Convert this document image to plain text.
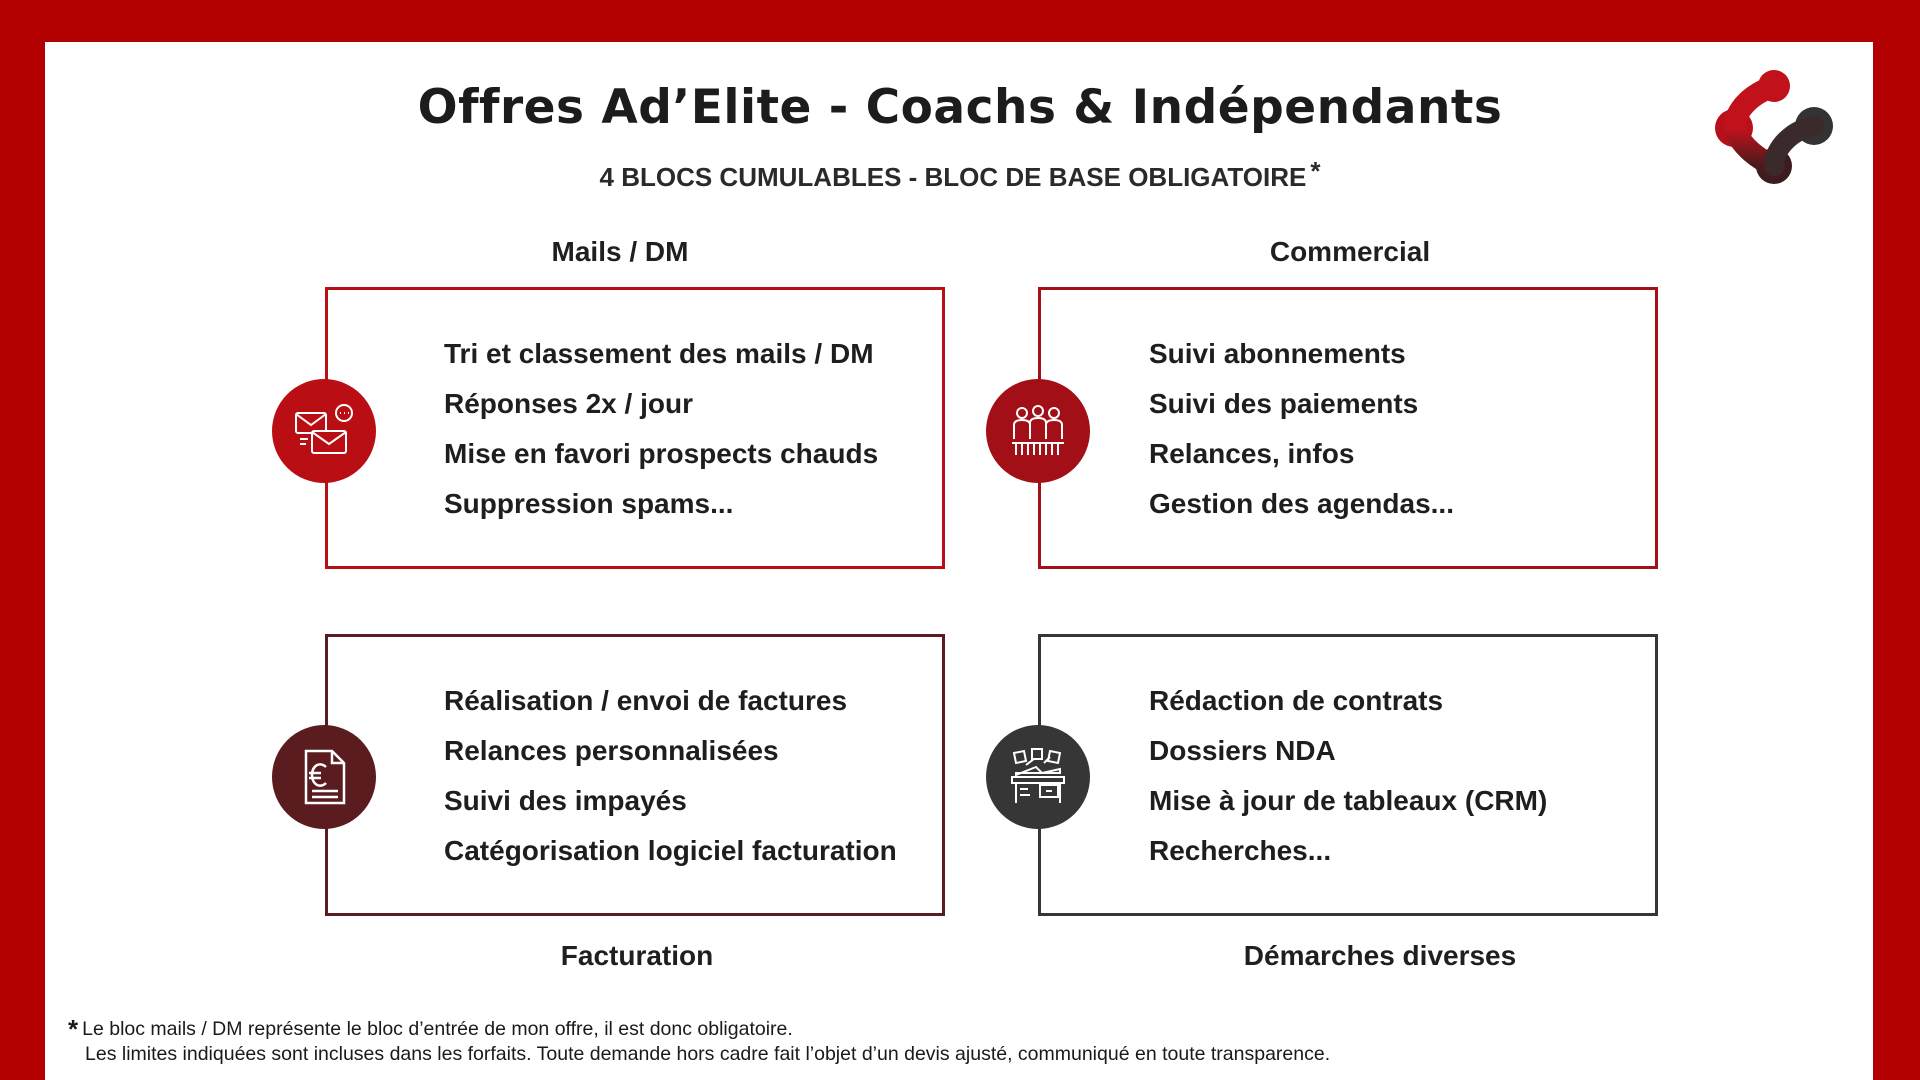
Offres Ad’Elite - Coachs & Indépendants
4 BLOCS CUMULABLES - BLOC DE BASE OBLIGATOIRE *
Mails / DM
Tri et classement des mails / DM
Réponses 2x / jour
Mise en favori prospects chauds
Suppression spams...
Commercial
Suivi abonnements
Suivi des paiements
Relances, infos
Gestion des agendas...
Réalisation / envoi de factures
Relances personnalisées
Suivi des impayés
Catégorisation logiciel facturation
Facturation
Rédaction de contrats
Dossiers NDA
Mise à jour de tableaux (CRM)
Recherches...
Démarches diverses
* Le bloc mails / DM représente le bloc d’entrée de mon offre, il est donc obligatoire.
Les limites indiquées sont incluses dans les forfaits. Toute demande hors cadre fait l’objet d’un devis ajusté, communiqué en toute transparence.
